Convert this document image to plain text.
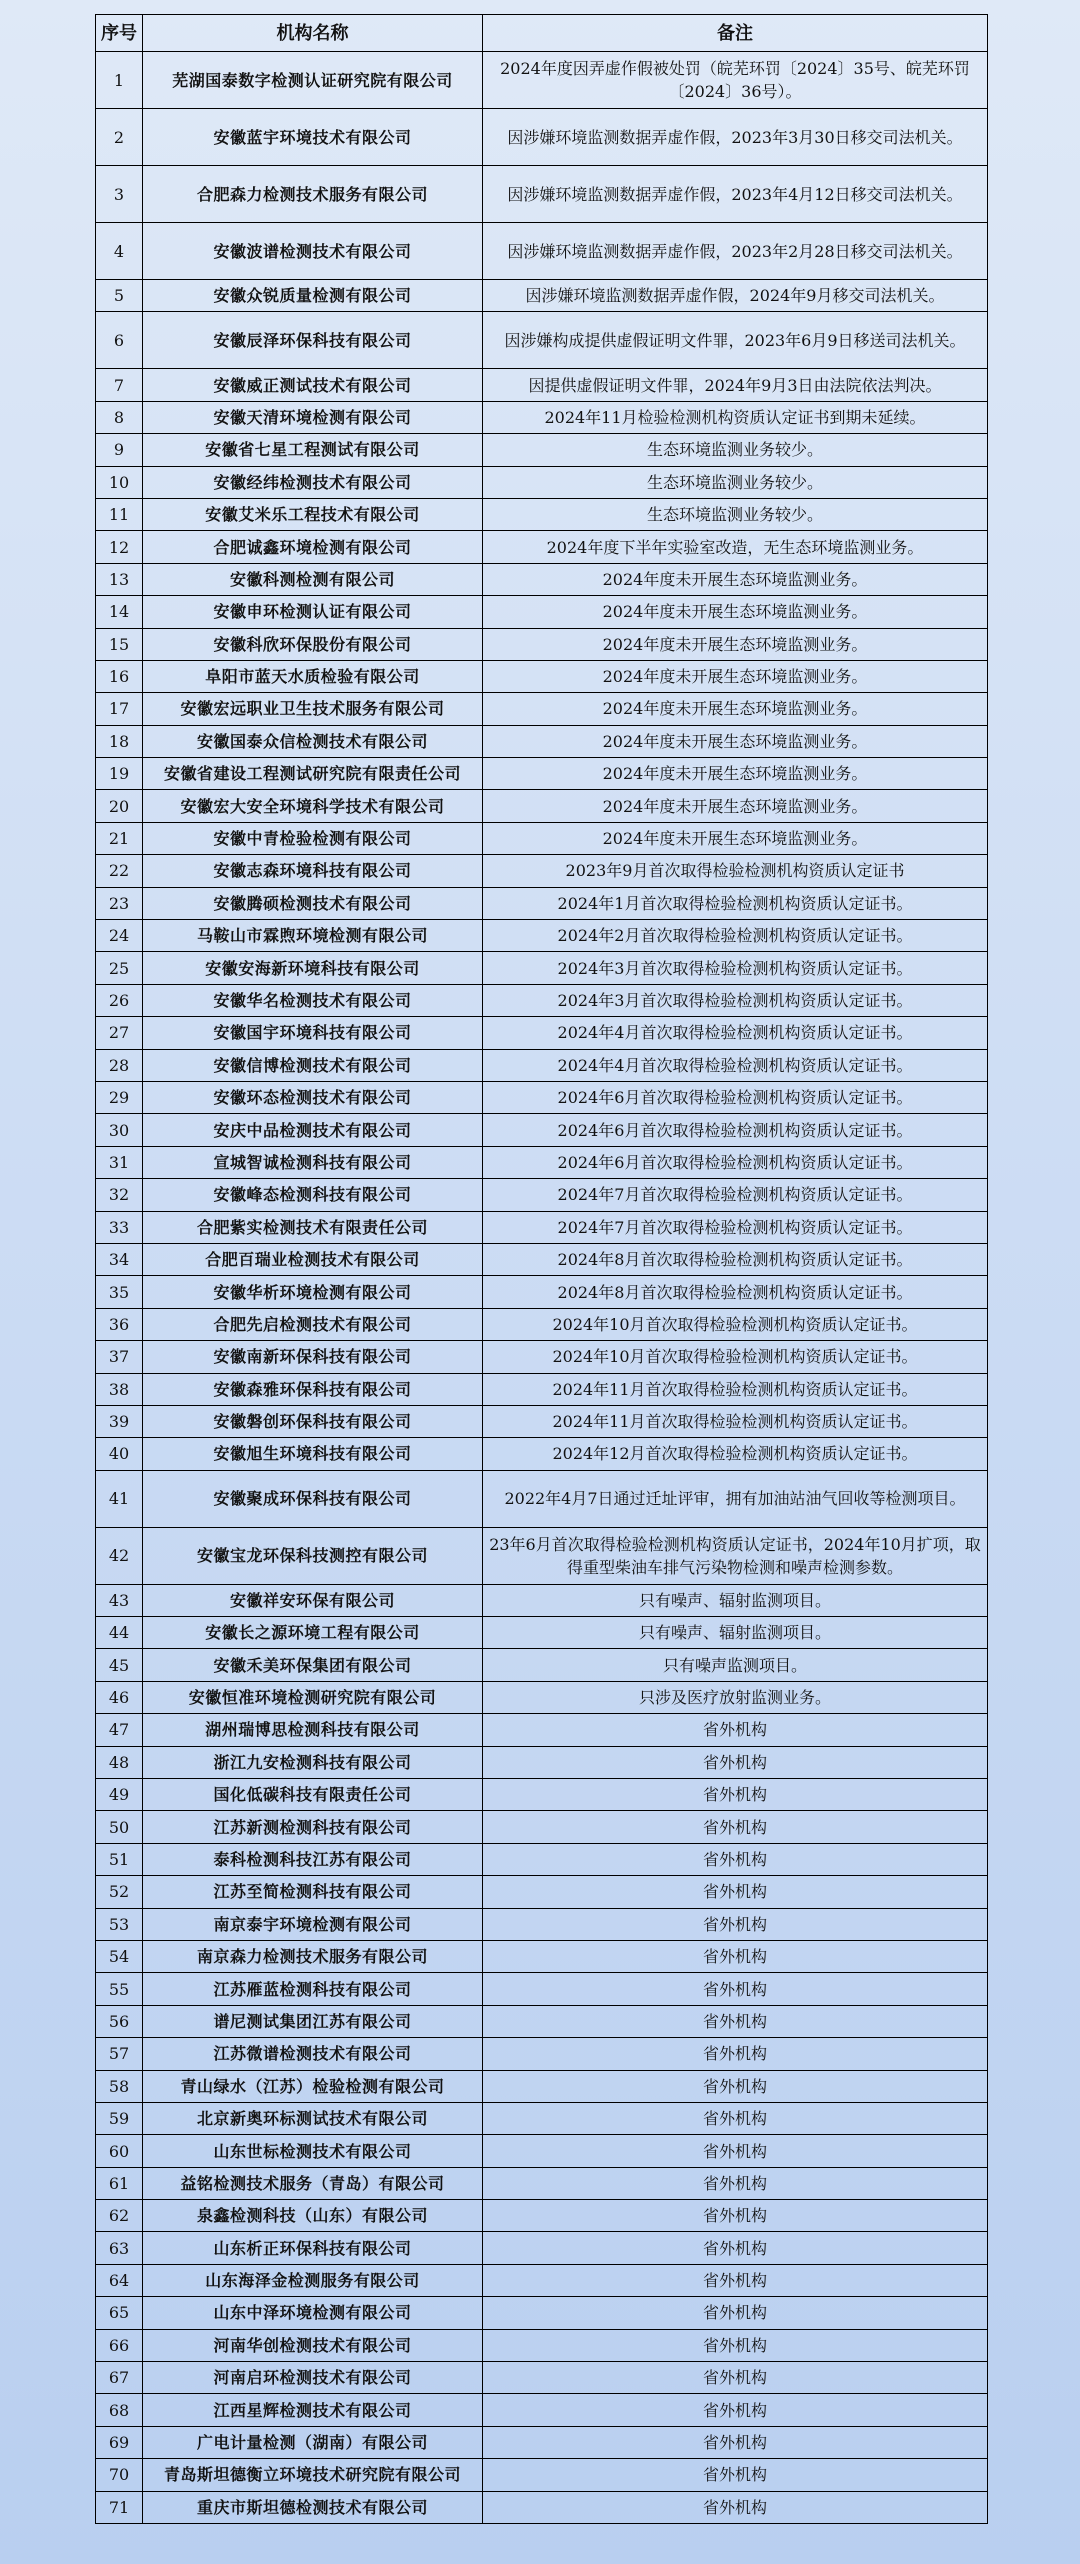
序号	机构名称	备注
1	芜湖国泰数字检测认证研究院有限公司	2024年度因弄虚作假被处罚（皖芜环罚〔2024〕35号、皖芜环罚〔2024〕36号）。
2	安徽蓝宇环境技术有限公司	因涉嫌环境监测数据弄虚作假，2023年3月30日移交司法机关。
3	合肥森力检测技术服务有限公司	因涉嫌环境监测数据弄虚作假，2023年4月12日移交司法机关。
4	安徽波谱检测技术有限公司	因涉嫌环境监测数据弄虚作假，2023年2月28日移交司法机关。
5	安徽众锐质量检测有限公司	因涉嫌环境监测数据弄虚作假，2024年9月移交司法机关。
6	安徽辰泽环保科技有限公司	因涉嫌构成提供虚假证明文件罪，2023年6月9日移送司法机关。
7	安徽威正测试技术有限公司	因提供虚假证明文件罪，2024年9月3日由法院依法判决。
8	安徽天清环境检测有限公司	2024年11月检验检测机构资质认定证书到期未延续。
9	安徽省七星工程测试有限公司	生态环境监测业务较少。
10	安徽经纬检测技术有限公司	生态环境监测业务较少。
11	安徽艾米乐工程技术有限公司	生态环境监测业务较少。
12	合肥诚鑫环境检测有限公司	2024年度下半年实验室改造，无生态环境监测业务。
13	安徽科测检测有限公司	2024年度未开展生态环境监测业务。
14	安徽申环检测认证有限公司	2024年度未开展生态环境监测业务。
15	安徽科欣环保股份有限公司	2024年度未开展生态环境监测业务。
16	阜阳市蓝天水质检验有限公司	2024年度未开展生态环境监测业务。
17	安徽宏远职业卫生技术服务有限公司	2024年度未开展生态环境监测业务。
18	安徽国泰众信检测技术有限公司	2024年度未开展生态环境监测业务。
19	安徽省建设工程测试研究院有限责任公司	2024年度未开展生态环境监测业务。
20	安徽宏大安全环境科学技术有限公司	2024年度未开展生态环境监测业务。
21	安徽中青检验检测有限公司	2024年度未开展生态环境监测业务。
22	安徽志森环境科技有限公司	2023年9月首次取得检验检测机构资质认定证书
23	安徽腾硕检测技术有限公司	2024年1月首次取得检验检测机构资质认定证书。
24	马鞍山市霖煦环境检测有限公司	2024年2月首次取得检验检测机构资质认定证书。
25	安徽安海新环境科技有限公司	2024年3月首次取得检验检测机构资质认定证书。
26	安徽华名检测技术有限公司	2024年3月首次取得检验检测机构资质认定证书。
27	安徽国宇环境科技有限公司	2024年4月首次取得检验检测机构资质认定证书。
28	安徽信博检测技术有限公司	2024年4月首次取得检验检测机构资质认定证书。
29	安徽环态检测技术有限公司	2024年6月首次取得检验检测机构资质认定证书。
30	安庆中品检测技术有限公司	2024年6月首次取得检验检测机构资质认定证书。
31	宣城智诚检测科技有限公司	2024年6月首次取得检验检测机构资质认定证书。
32	安徽峰态检测科技有限公司	2024年7月首次取得检验检测机构资质认定证书。
33	合肥紫实检测技术有限责任公司	2024年7月首次取得检验检测机构资质认定证书。
34	合肥百瑞业检测技术有限公司	2024年8月首次取得检验检测机构资质认定证书。
35	安徽华析环境检测有限公司	2024年8月首次取得检验检测机构资质认定证书。
36	合肥先启检测技术有限公司	2024年10月首次取得检验检测机构资质认定证书。
37	安徽南新环保科技有限公司	2024年10月首次取得检验检测机构资质认定证书。
38	安徽森雅环保科技有限公司	2024年11月首次取得检验检测机构资质认定证书。
39	安徽磐创环保科技有限公司	2024年11月首次取得检验检测机构资质认定证书。
40	安徽旭生环境科技有限公司	2024年12月首次取得检验检测机构资质认定证书。
41	安徽聚成环保科技有限公司	2022年4月7日通过迁址评审，拥有加油站油气回收等检测项目。
42	安徽宝龙环保科技测控有限公司	23年6月首次取得检验检测机构资质认定证书，2024年10月扩项，取得重型柴油车排气污染物检测和噪声检测参数。
43	安徽祥安环保有限公司	只有噪声、辐射监测项目。
44	安徽长之源环境工程有限公司	只有噪声、辐射监测项目。
45	安徽禾美环保集团有限公司	只有噪声监测项目。
46	安徽恒准环境检测研究院有限公司	只涉及医疗放射监测业务。
47	湖州瑞博思检测科技有限公司	省外机构
48	浙江九安检测科技有限公司	省外机构
49	国化低碳科技有限责任公司	省外机构
50	江苏新测检测科技有限公司	省外机构
51	泰科检测科技江苏有限公司	省外机构
52	江苏至简检测科技有限公司	省外机构
53	南京泰宇环境检测有限公司	省外机构
54	南京森力检测技术服务有限公司	省外机构
55	江苏雁蓝检测科技有限公司	省外机构
56	谱尼测试集团江苏有限公司	省外机构
57	江苏微谱检测技术有限公司	省外机构
58	青山绿水（江苏）检验检测有限公司	省外机构
59	北京新奥环标测试技术有限公司	省外机构
60	山东世标检测技术有限公司	省外机构
61	益铭检测技术服务（青岛）有限公司	省外机构
62	泉鑫检测科技（山东）有限公司	省外机构
63	山东析正环保科技有限公司	省外机构
64	山东海泽金检测服务有限公司	省外机构
65	山东中泽环境检测有限公司	省外机构
66	河南华创检测技术有限公司	省外机构
67	河南启环检测技术有限公司	省外机构
68	江西星辉检测技术有限公司	省外机构
69	广电计量检测（湖南）有限公司	省外机构
70	青岛斯坦德衡立环境技术研究院有限公司	省外机构
71	重庆市斯坦德检测技术有限公司	省外机构
